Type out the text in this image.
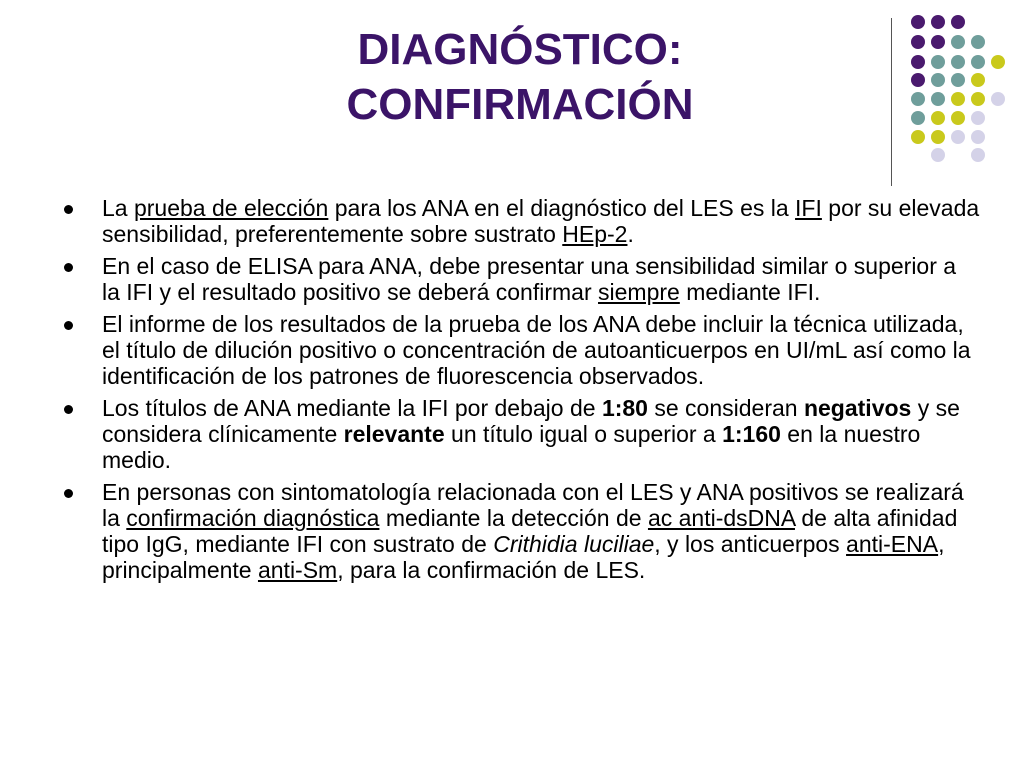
DIAGNÓSTICO:
CONFIRMACIÓN
La prueba de elección para los ANA en el diagnóstico del LES es la IFI por su elevada sensibilidad, preferentemente sobre sustrato HEp-2.
En el caso de ELISA para ANA, debe presentar una sensibilidad similar o superior a la IFI y el resultado positivo se deberá confirmar siempre mediante IFI.
El informe de los resultados de la prueba de los ANA debe incluir la técnica utilizada, el título de dilución positivo o concentración de autoanticuerpos en UI/mL así como la identificación de los patrones de fluorescencia observados.
Los títulos de ANA mediante la IFI por debajo de 1:80 se consideran negativos y se considera clínicamente relevante un título igual o superior a 1:160 en la nuestro medio.
En personas con sintomatología relacionada con el LES y ANA positivos se realizará la confirmación diagnóstica mediante la detección de ac anti-dsDNA de alta afinidad tipo IgG, mediante IFI con sustrato de Crithidia luciliae, y los anticuerpos anti-ENA, principalmente anti-Sm, para la confirmación de LES.
